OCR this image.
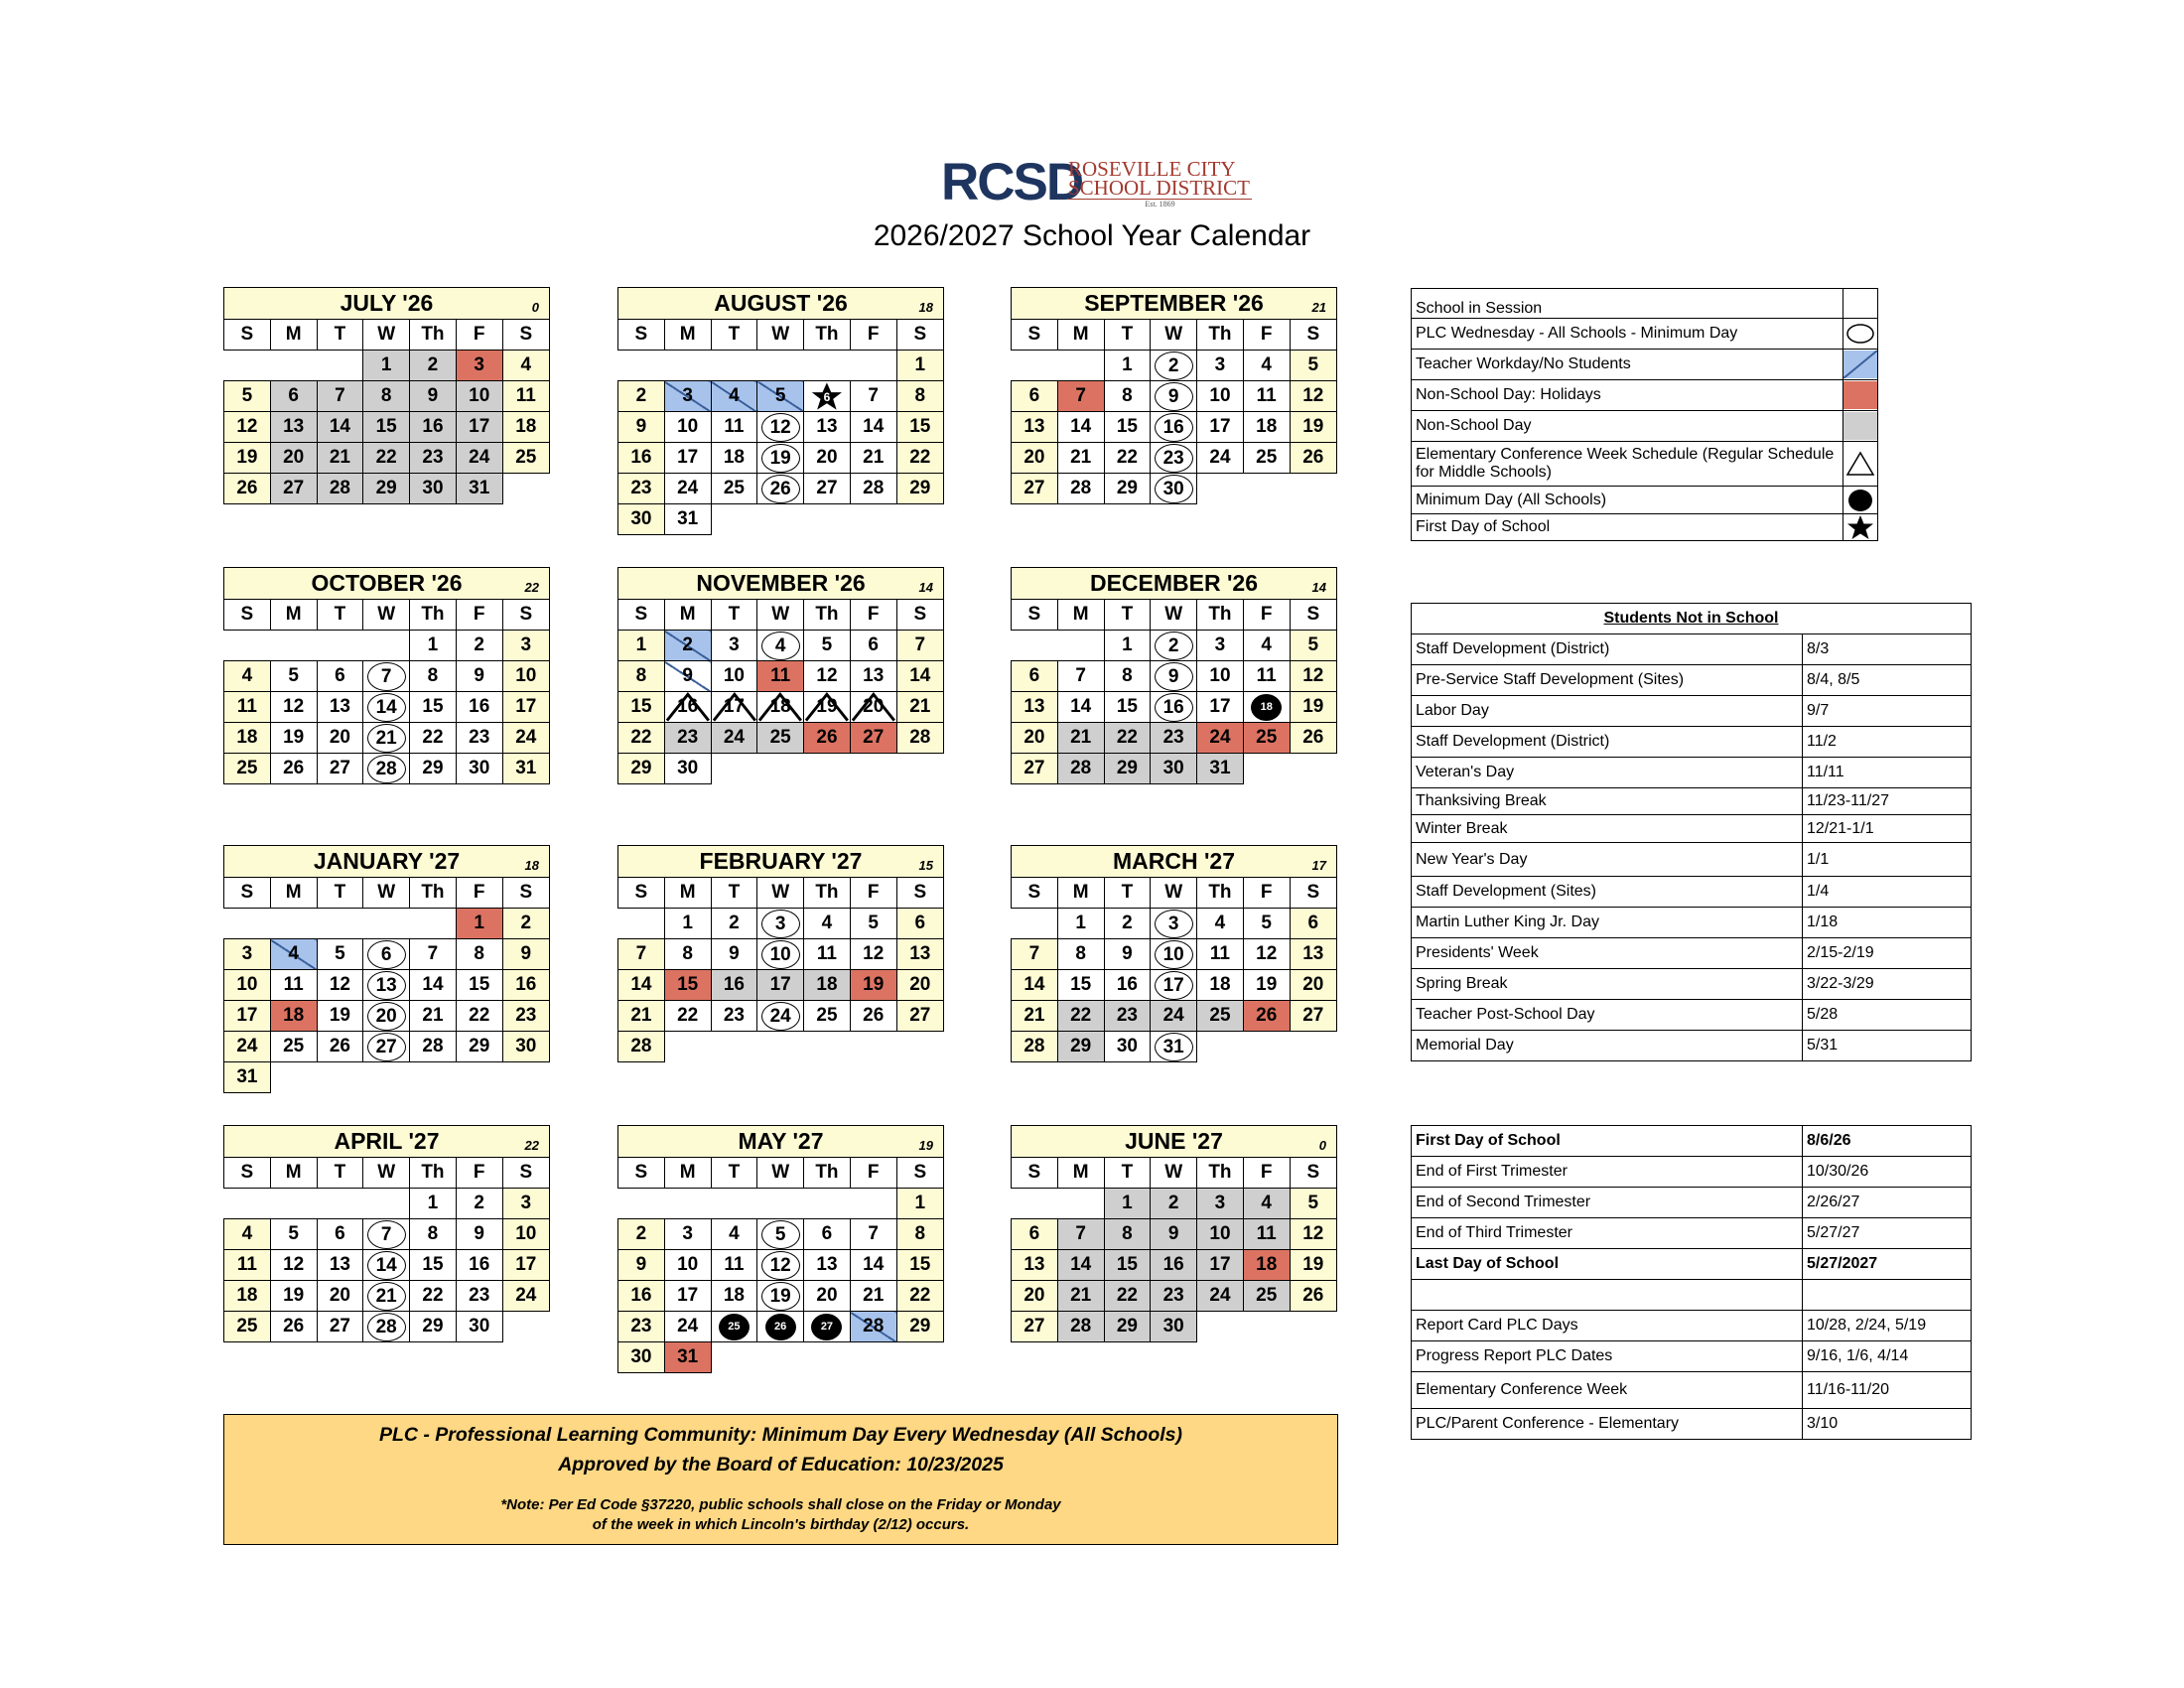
RCSD
ROSEVILLE CITY
SCHOOL DISTRICT
Est. 1869
2026/2027 School Year Calendar
JULY '26 0						

S	M	T	W	Th	F	S
			1	2	3	4
5	6	7	8	9	10	11
12	13	14	15	16	17	18
19	20	21	22	23	24	25
26	27	28	29	30	31	
AUGUST '26 18						

S	M	T	W	Th	F	S
						1
2	3	4	5	6	7	8
9	10	11	12	13	14	15
16	17	18	19	20	21	22
23	24	25	26	27	28	29
30	31					
SEPTEMBER '26 21						

S	M	T	W	Th	F	S
		1	2	3	4	5
6	7	8	9	10	11	12
13	14	15	16	17	18	19
20	21	22	23	24	25	26
27	28	29	30			
OCTOBER '26 22						

S	M	T	W	Th	F	S
				1	2	3
4	5	6	7	8	9	10
11	12	13	14	15	16	17
18	19	20	21	22	23	24
25	26	27	28	29	30	31
NOVEMBER '26 14						

S	M	T	W	Th	F	S
1	2	3	4	5	6	7
8	9	10	11	12	13	14
15	16	17	18	19	20	21
22	23	24	25	26	27	28
29	30					
DECEMBER '26 14						

S	M	T	W	Th	F	S
		1	2	3	4	5
6	7	8	9	10	11	12
13	14	15	16	17	18	19
20	21	22	23	24	25	26
27	28	29	30	31		
JANUARY '27 18						

S	M	T	W	Th	F	S
					1	2
3	4	5	6	7	8	9
10	11	12	13	14	15	16
17	18	19	20	21	22	23
24	25	26	27	28	29	30
31						
FEBRUARY '27 15						

S	M	T	W	Th	F	S
	1	2	3	4	5	6
7	8	9	10	11	12	13
14	15	16	17	18	19	20
21	22	23	24	25	26	27
28						
MARCH '27 17						

S	M	T	W	Th	F	S
	1	2	3	4	5	6
7	8	9	10	11	12	13
14	15	16	17	18	19	20
21	22	23	24	25	26	27
28	29	30	31			
APRIL '27 22						

S	M	T	W	Th	F	S
				1	2	3
4	5	6	7	8	9	10
11	12	13	14	15	16	17
18	19	20	21	22	23	24
25	26	27	28	29	30	
MAY '27 19						

S	M	T	W	Th	F	S
						1
2	3	4	5	6	7	8
9	10	11	12	13	14	15
16	17	18	19	20	21	22
23	24	25	26	27	28	29
30	31					
JUNE '27 0						

S	M	T	W	Th	F	S
		1	2	3	4	5
6	7	8	9	10	11	12
13	14	15	16	17	18	19
20	21	22	23	24	25	26
27	28	29	30			
School in Session	
PLC Wednesday - All Schools - Minimum Day	

Teacher Workday/No Students	

Non-School Day: Holidays	

Non-School Day	

Elementary Conference Week Schedule (Regular Schedule for Middle Schools)	

Minimum Day (All Schools)	

First Day of School	
Students Not in School	
Staff Development (District)	8/3
Pre-Service Staff Development (Sites)	8/4, 8/5
Labor Day	9/7
Staff Development (District)	11/2
Veteran's Day	11/11
Thanksiving Break	11/23-11/27
Winter Break	12/21-1/1
New Year's Day	1/1
Staff Development (Sites)	1/4
Martin Luther King Jr. Day	1/18
Presidents' Week	2/15-2/19
Spring Break	3/22-3/29
Teacher Post-School Day	5/28
Memorial Day	5/31
First Day of School	8/6/26
End of First Trimester	10/30/26
End of Second Trimester	2/26/27
End of Third Trimester	5/27/27
Last Day of School	5/27/2027

Report Card PLC Days	10/28, 2/24, 5/19
Progress Report PLC Dates	9/16, 1/6, 4/14
Elementary Conference Week	11/16-11/20
PLC/Parent Conference - Elementary	3/10
PLC - Professional Learning Community: Minimum Day Every Wednesday (All Schools)
Approved by the Board of Education: 10/23/2025
*Note: Per Ed Code §37220, public schools shall close on the Friday or Monday
of the week in which Lincoln's birthday (2/12) occurs.
